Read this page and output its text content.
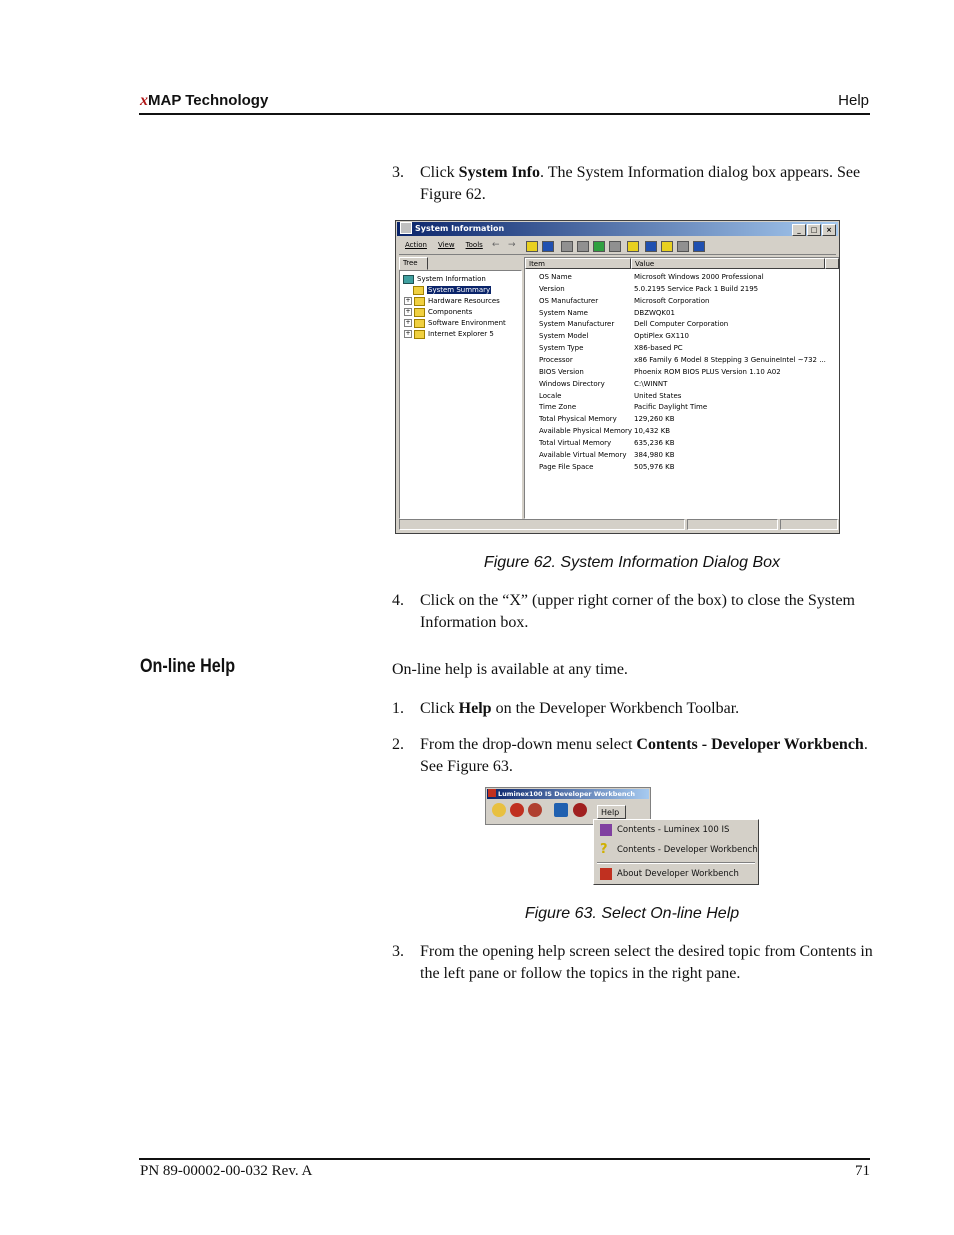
xMAP Technology	Help
3. Click System Info. The System Information dialog box appears. See Figure 62.
System Information	_ □ ×
Action View Tools ← →
Tree
System Information
System Summary
+ Hardware Resources
+ Components
+ Software Environment
+ Internet Explorer 5
Item	Value
OS Name	Microsoft Windows 2000 Professional
Version	5.0.2195 Service Pack 1 Build 2195
OS Manufacturer	Microsoft Corporation
System Name	DBZWQK01
System Manufacturer	Dell Computer Corporation
System Model	OptiPlex GX110
System Type	X86-based PC
Processor	x86 Family 6 Model 8 Stepping 3 GenuineIntel ~732 ...
BIOS Version	Phoenix ROM BIOS PLUS Version 1.10 A02
Windows Directory	C:\WINNT
Locale	United States
Time Zone	Pacific Daylight Time
Total Physical Memory 129,260 KB
Available Physical Memory 10,432 KB
Total Virtual Memory	635,236 KB
Available Virtual Memory 384,980 KB
Page File Space	505,976 KB
Figure 62. System Information Dialog Box
4. Click on the “X” (upper right corner of the box) to close the System Information box.
On-line Help	On-line help is available at any time.
1. Click Help on the Developer Workbench Toolbar.
2. From the drop-down menu select Contents - Developer Workbench. See Figure 63.
Luminex100 IS Developer Workbench
Help
Contents - Luminex 100 IS
?	Contents - Developer Workbench
About Developer Workbench
Figure 63. Select On-line Help
3. From the opening help screen select the desired topic from Contents in the left pane or follow the topics in the right pane.
PN 89-00002-00-032 Rev. A	71
